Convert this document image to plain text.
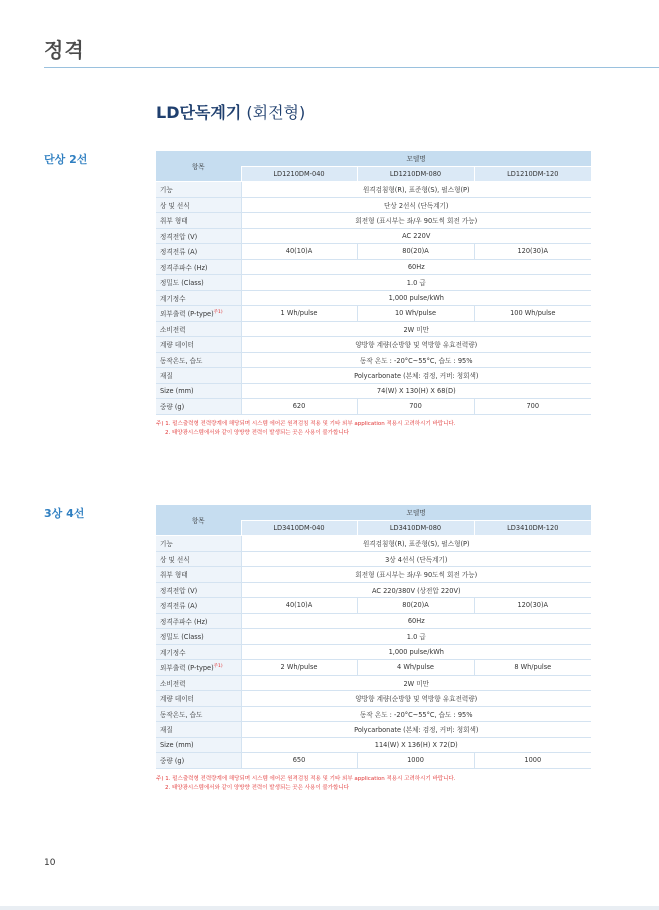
정격
LD단독계기 (회전형)
단상 2선
항목	모델명		
	LD1210DM-040	LD1210DM-080	LD1210DM-120
기능	원격검침형(R), 표준형(S), 펄스형(P)		
상 및 선식	단상 2선식 (단독계기)		
취부 형태	회전형 (표시부는 좌/우 90도씩 회전 가능)		
정격전압 (V)	AC 220V		
정격전류 (A)	40(10)A	80(20)A	120(30)A
정격주파수 (Hz)	60Hz		
정밀도 (Class)	1.0 급		
계기정수	1,000 pulse/kWh		
외부출력 (P-type)$^{주1)}$	1 Wh/pulse	10 Wh/pulse	100 Wh/pulse
소비전력	2W 미만		
계량 데이터	양방향 계량(순방향 및 역방향 유효전력량)		
동작온도, 습도	동작 온도 : -20°C~55°C, 습도 : 95%		
재질	Polycarbonate (본체: 검정, 커버: 청회색)		
Size (mm)	74(W) X 130(H) X 68(D)		
중량 (g)	620	700	700
주) 1. 펄스출력형 전력량계에 해당되며 시스템 에어콘 원격검침 적용 및 기타 외부 application 적용시 고려하시기 바랍니다.
2. 태양광시스템에서와 같이 양방향 전력이 발생되는 곳은 사용이 불가합니다
3상 4선
항목	모델명		
	LD3410DM-040	LD3410DM-080	LD3410DM-120
기능	원격검침형(R), 표준형(S), 펄스형(P)		
상 및 선식	3상 4선식 (단독계기)		
취부 형태	회전형 (표시부는 좌/우 90도씩 회전 가능)		
정격전압 (V)	AC 220/380V (상전압 220V)		
정격전류 (A)	40(10)A	80(20)A	120(30)A
정격주파수 (Hz)	60Hz		
정밀도 (Class)	1.0 급		
계기정수	1,000 pulse/kWh		
외부출력 (P-type)$^{주1)}$	2 Wh/pulse	4 Wh/pulse	8 Wh/pulse
소비전력	2W 미만		
계량 데이터	양방향 계량(순방향 및 역방향 유효전력량)		
동작온도, 습도	동작 온도 : -20°C~55°C, 습도 : 95%		
재질	Polycarbonate (본체: 검정, 커버: 청회색)		
Size (mm)	114(W) X 136(H) X 72(D)		
중량 (g)	650	1000	1000
주) 1. 펄스출력형 전력량계에 해당되며 시스템 에어콘 원격검침 적용 및 기타 외부 application 적용시 고려하시기 바랍니다.
2. 태양광시스템에서와 같이 양방향 전력이 발생되는 곳은 사용이 불가합니다
10
